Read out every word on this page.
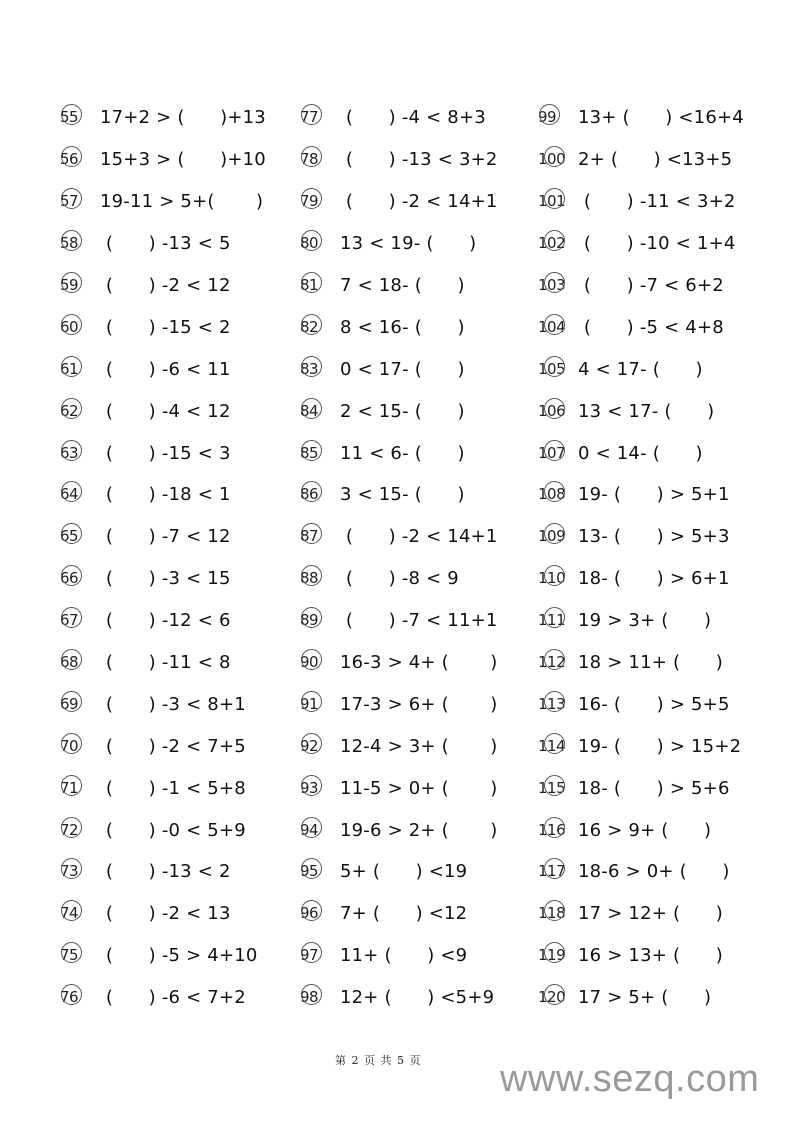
55	17+2 > (      )+13
56	15+3 > (      )+10
57	19-11 > 5+(       )
58	(      ) -13 < 5
59	(      ) -2 < 12
60	(      ) -15 < 2
61	(      ) -6 < 11
62	(      ) -4 < 12
63	(      ) -15 < 3
64	(      ) -18 < 1
65	(      ) -7 < 12
66	(      ) -3 < 15
67	(      ) -12 < 6
68	(      ) -11 < 8
69	(      ) -3 < 8+1
70	(      ) -2 < 7+5
71	(      ) -1 < 5+8
72	(      ) -0 < 5+9
73	(      ) -13 < 2
74	(      ) -2 < 13
75	(      ) -5 > 4+10
76	(      ) -6 < 7+2
77	(      ) -4 < 8+3
78	(      ) -13 < 3+2
79	(      ) -2 < 14+1
80	13 < 19- (      )
81	7 < 18- (      )
82	8 < 16- (      )
83	0 < 17- (      )
84	2 < 15- (      )
85	11 < 6- (      )
86	3 < 15- (      )
87	(      ) -2 < 14+1
88	(      ) -8 < 9
89	(      ) -7 < 11+1
90	16-3 > 4+ (       )
91	17-3 > 6+ (       )
92	12-4 > 3+ (       )
93	11-5 > 0+ (       )
94	19-6 > 2+ (       )
95	5+ (      ) <19
96	7+ (      ) <12
97	11+ (      ) <9
98	12+ (      ) <5+9
99	13+ (      ) <16+4
100 2+ (      ) <13+5
101 (      ) -11 < 3+2
102 (      ) -10 < 1+4
103 (      ) -7 < 6+2
104 (      ) -5 < 4+8
105 4 < 17- (      )
106 13 < 17- (      )
107 0 < 14- (      )
108 19- (      ) > 5+1
109 13- (      ) > 5+3
110 18- (      ) > 6+1
111 19 > 3+ (      )
112 18 > 11+ (      )
113 16- (      ) > 5+5
114 19- (      ) > 15+2
115 18- (      ) > 5+6
116 16 > 9+ (      )
117 18-6 > 0+ (      )
118 17 > 12+ (      )
119 16 > 13+ (      )
120 17 > 5+ (      )
第 2 页 共 5 页 www.sezq.com
